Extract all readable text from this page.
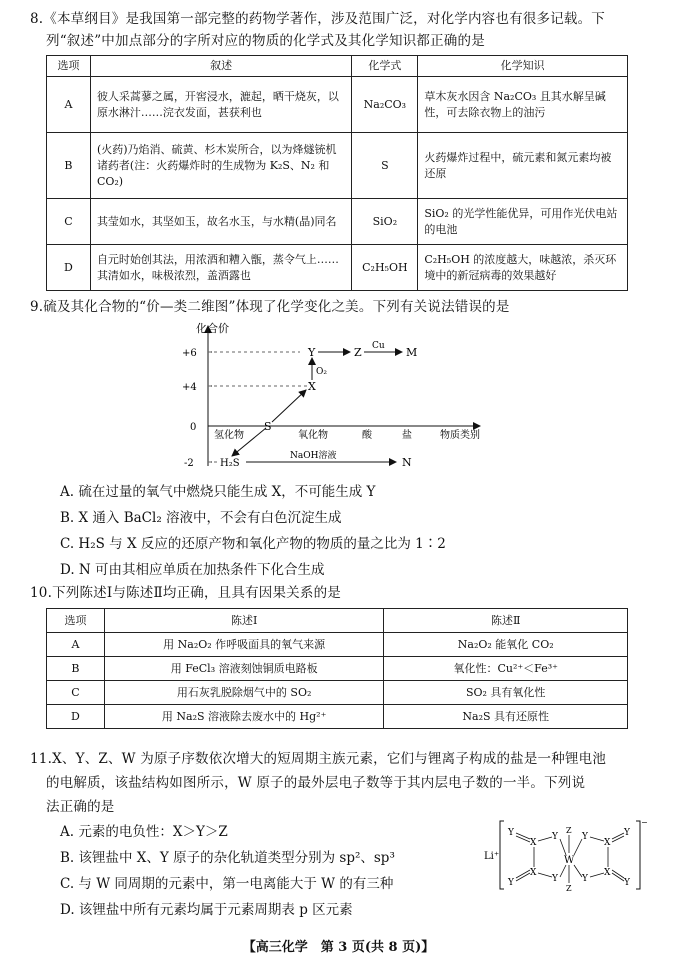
8.《本草纲目》是我国第一部完整的药物学著作，涉及范围广泛，对化学内容也有很多记载。下
列“叙述”中加点部分的字所对应的物质的化学式及其化学知识都正确的是
选项	叙述	化学式	化学知识
A	彼人采蒿蓼之属，开窖浸水，漉起，晒干烧灰，以原水淋汁……浣衣发面，甚获利也	Na₂CO₃	草木灰水因含 Na₂CO₃ 且其水解呈碱性，可去除衣物上的油污
B	(火药)乃焰消、硫黄、杉木炭所合，以为烽燧铳机诸药者(注：火药爆炸时的生成物为 K₂S、N₂ 和 CO₂)	S	火药爆炸过程中，硫元素和氮元素均被还原
C	其莹如水，其坚如玉，故名水玉，与水精(晶)同名	SiO₂	SiO₂ 的光学性能优异，可用作光伏电站的电池
D	自元时始创其法，用浓酒和糟入甑，蒸令气上……其清如水，味极浓烈，盖酒露也	C₂H₅OH	C₂H₅OH 的浓度越大，味越浓，杀灭环境中的新冠病毒的效果越好
9.硫及其化合物的“价—类二维图”体现了化学变化之美。下列有关说法错误的是
化合价
+6
+4
0
-2
氢化物
S
氧化物	酸	盐	物质类别
Y	Z Cu M
X
O₂
H₂S
NaOH溶液	N
A. 硫在过量的氧气中燃烧只能生成 X，不可能生成 Y
B. X 通入 BaCl₂ 溶液中，不会有白色沉淀生成
C. H₂S 与 X 反应的还原产物和氧化产物的物质的量之比为 1∶2
D. N 可由其相应单质在加热条件下化合生成
10.下列陈述Ⅰ与陈述Ⅱ均正确，且具有因果关系的是
选项	陈述Ⅰ	陈述Ⅱ
A	用 Na₂O₂ 作呼吸面具的氧气来源	Na₂O₂ 能氧化 CO₂
B	用 FeCl₃ 溶液刻蚀铜质电路板	氧化性：Cu²⁺＜Fe³⁺
C	用石灰乳脱除烟气中的 SO₂	SO₂ 具有氧化性
D	用 Na₂S 溶液除去废水中的 Hg²⁺	Na₂S 具有还原性
11.X、Y、Z、W 为原子序数依次增大的短周期主族元素，它们与锂离子构成的盐是一种锂电池
的电解质，该盐结构如图所示，W 原子的最外层电子数等于其内层电子数的一半。下列说
法正确的是
A. 元素的电负性：X＞Y＞Z
B. 该锂盐中 X、Y 原子的杂化轨道类型分别为 sp²、sp³
C. 与 W 同周期的元素中，第一电离能大于 W 的有三种
D. 该锂盐中所有元素均属于元素周期表 p 区元素
Li⁺
−
Y
X
Y
Y
X
Y
W
Z
Z
Y
X
Y
Y
X
Y
【高三化学　第 3 页(共 8 页)】
